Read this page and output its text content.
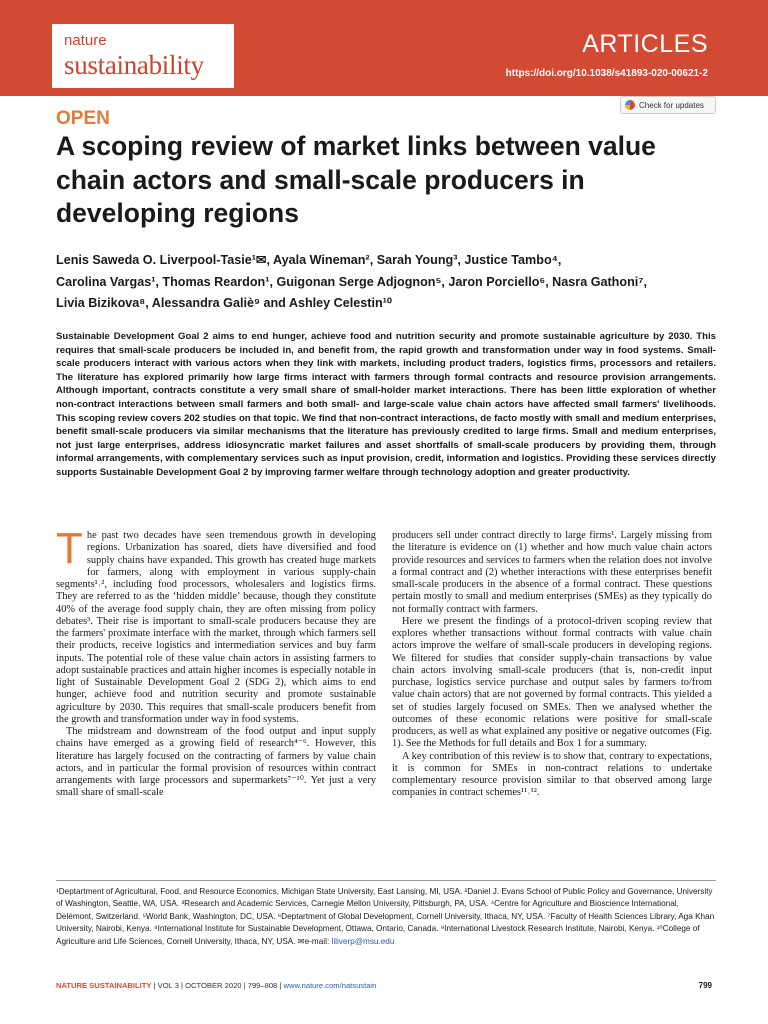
nature
sustainability
ARTICLES
https://doi.org/10.1038/s41893-020-00621-2
Check for updates
OPEN
A scoping review of market links between value chain actors and small-scale producers in developing regions
Lenis Saweda O. Liverpool-Tasie¹✉, Ayala Wineman², Sarah Young³, Justice Tambo⁴,
Carolina Vargas¹, Thomas Reardon¹, Guigonan Serge Adjognon⁵, Jaron Porciello⁶, Nasra Gathoni⁷,
Livia Bizikova⁸, Alessandra Galiè⁹ and Ashley Celestin¹⁰

Sustainable Development Goal 2 aims to end hunger, achieve food and nutrition security and promote sustainable agriculture by 2030. This requires that small-scale producers be included in, and benefit from, the rapid growth and transformation under way in food systems. Small-scale producers interact with various actors when they link with markets, including product traders, logistics firms, processors and retailers. The literature has explored primarily how large firms interact with farmers through formal contracts and resource provision arrangements. Although important, contracts constitute a very small share of small-holder market interactions. There has been little exploration of whether non-contract interactions between small farmers and both small- and large-scale value chain actors have affected small farmers' livelihoods. This scoping review covers 202 studies on that topic. We find that non-contract interactions, de facto mostly with small and medium enterprises, benefit small-scale producers via similar mechanisms that the literature has previously credited to large firms. Small and medium enterprises, not just large enterprises, address idiosyncratic market failures and asset shortfalls of small-scale producers by providing them, through informal arrangements, with complementary services such as input provision, credit, information and logistics. Providing these services directly supports Sustainable Development Goal 2 by improving farmer welfare through technology adoption and greater productivity.

T he past two decades have seen tremendous growth in developing regions. Urbanization has soared, diets have diversified and food supply chains have expanded. This growth has created huge markets for farmers, along with employment in various supply-chain segments¹˒², including food processors, wholesalers and logistics firms. They are referred to as the ‘hidden middle’ because, though they constitute 40% of the average food supply chain, they are often missing from policy debates³. Their rise is important to small-scale producers because they are the farmers' proximate interface with the market, through which farmers sell their products, receive logistics and intermediation services and buy farm inputs. The potential role of these value chain actors in assisting farmers to adopt sustainable practices and attain higher incomes is especially notable in light of Sustainable Development Goal 2 (SDG 2), which aims to end hunger, achieve food and nutrition security and promote sustainable agriculture by 2030. This requires that small-scale producers benefit from the growth and transformation under way in food systems.

The midstream and downstream of the food output and input supply chains have emerged as a growing field of research⁴⁻⁶. However, this literature has largely focused on the contracting of farmers by value chain actors, and in particular the formal provision of resources within contract arrangements with large processors and supermarkets⁷⁻¹⁰. Yet just a very small share of small-scale

producers sell under contract directly to large firms¹. Largely missing from the literature is evidence on (1) whether and how much value chain actors provide resources and services to farmers when the relation does not involve a formal contract and (2) whether interactions with these enterprises benefit small-scale producers in the absence of a formal contract. These questions pertain mostly to small and medium enterprises (SMEs) as they typically do not formally contract with farmers.

Here we present the findings of a protocol-driven scoping review that explores whether transactions without formal contracts with value chain actors improve the welfare of small-scale producers in developing regions. We filtered for studies that consider supply-chain transactions by value chain actors involving small-scale producers (that is, non-credit input purchase, logistics service purchase and output sales by farmers to/from value chain actors) that are not governed by formal contracts. This yielded a set of studies largely focused on SMEs. Then we analysed whether the outcomes of these economic relations were positive for small-scale producers, as well as what explained any positive or negative outcomes (Fig. 1). See the Methods for full details and Box 1 for a summary.

A key contribution of this review is to show that, contrary to expectations, it is common for SMEs in non-contract relations to undertake complementary resource provision similar to that observed among large companies in contract schemes¹¹˒¹².

¹Deptartment of Agricultural, Food, and Resource Economics, Michigan State University, East Lansing, MI, USA. ²Daniel J. Evans School of Public Policy and Governance, University of Washington, Seattle, WA, USA. ³Research and Academic Services, Carnegie Mellon University, Pittsburgh, PA, USA. ⁴Centre for Agriculture and Bioscience International, Delémont, Switzerland. ⁵World Bank, Washington, DC, USA. ⁶Deptartment of Global Development, Cornell University, Ithaca, NY, USA. ⁷Faculty of Health Sciences Library, Aga Khan University, Nairobi, Kenya. ⁸International Institute for Sustainable Development, Ottawa, Ontario, Canada. ⁹International Livestock Research Institute, Nairobi, Kenya. ¹⁰College of Agriculture and Life Sciences, Cornell University, Ithaca, NY, USA. ✉e-mail: liliverp@msu.edu
NATURE SUSTAINABILITY | VOL 3 | OCTOBER 2020 | 799–808 | www.nature.com/natsustain	799
